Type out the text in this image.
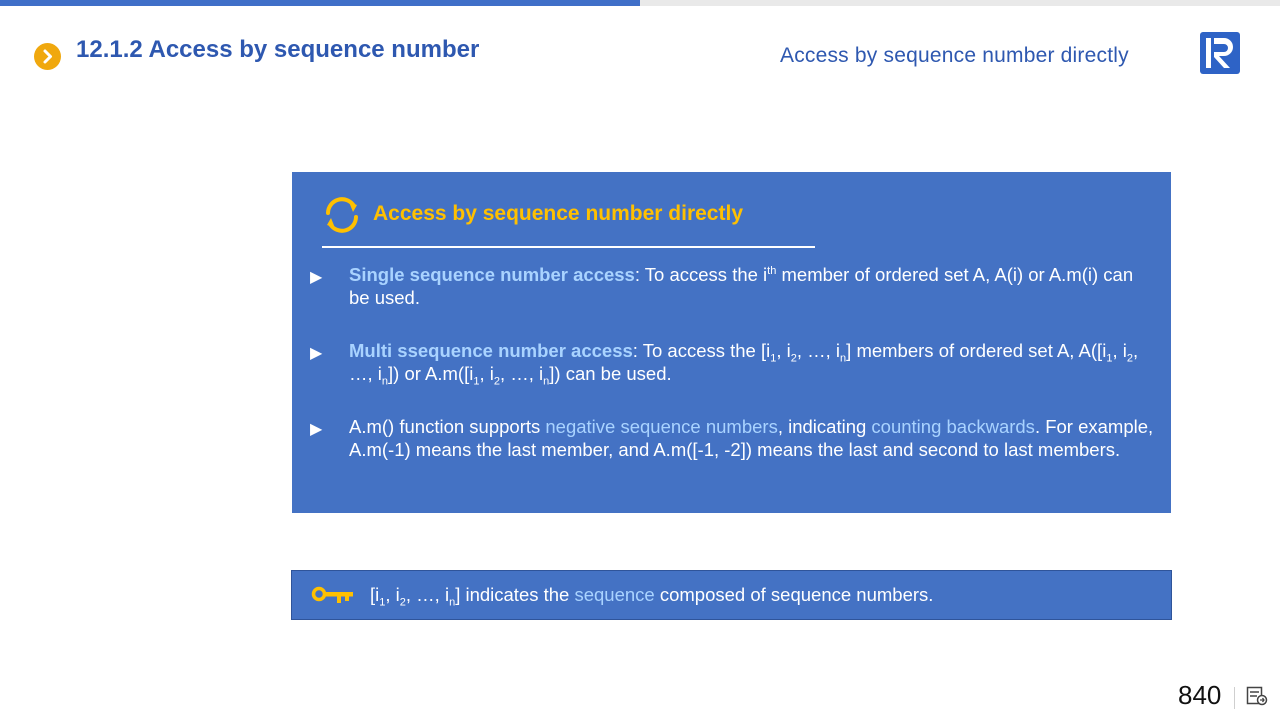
12.1.2 Access by sequence number	Access by sequence number directly
Access by sequence number directly
▶ Single sequence number access: To access the $i^{th}$ member of ordered set A, A(i) or A.m(i) can be used.
▶ Multi ssequence number access: To access the [$i_1$, $i_2$, …, $i_n$] members of ordered set A, $A([i_1$, $i_2$, …, $i_n$]) or $A.m([i_1$, $i_2$, …, $i_n$]) can be used.
▶ A.m() function supports negative sequence numbers, indicating counting backwards. For example, A.m(-1) means the last member, and A.m([-1, -2]) means the last and second to last members.
[$i_1$, $i_2$, …, $i_n$] indicates the sequence composed of sequence numbers.
840
